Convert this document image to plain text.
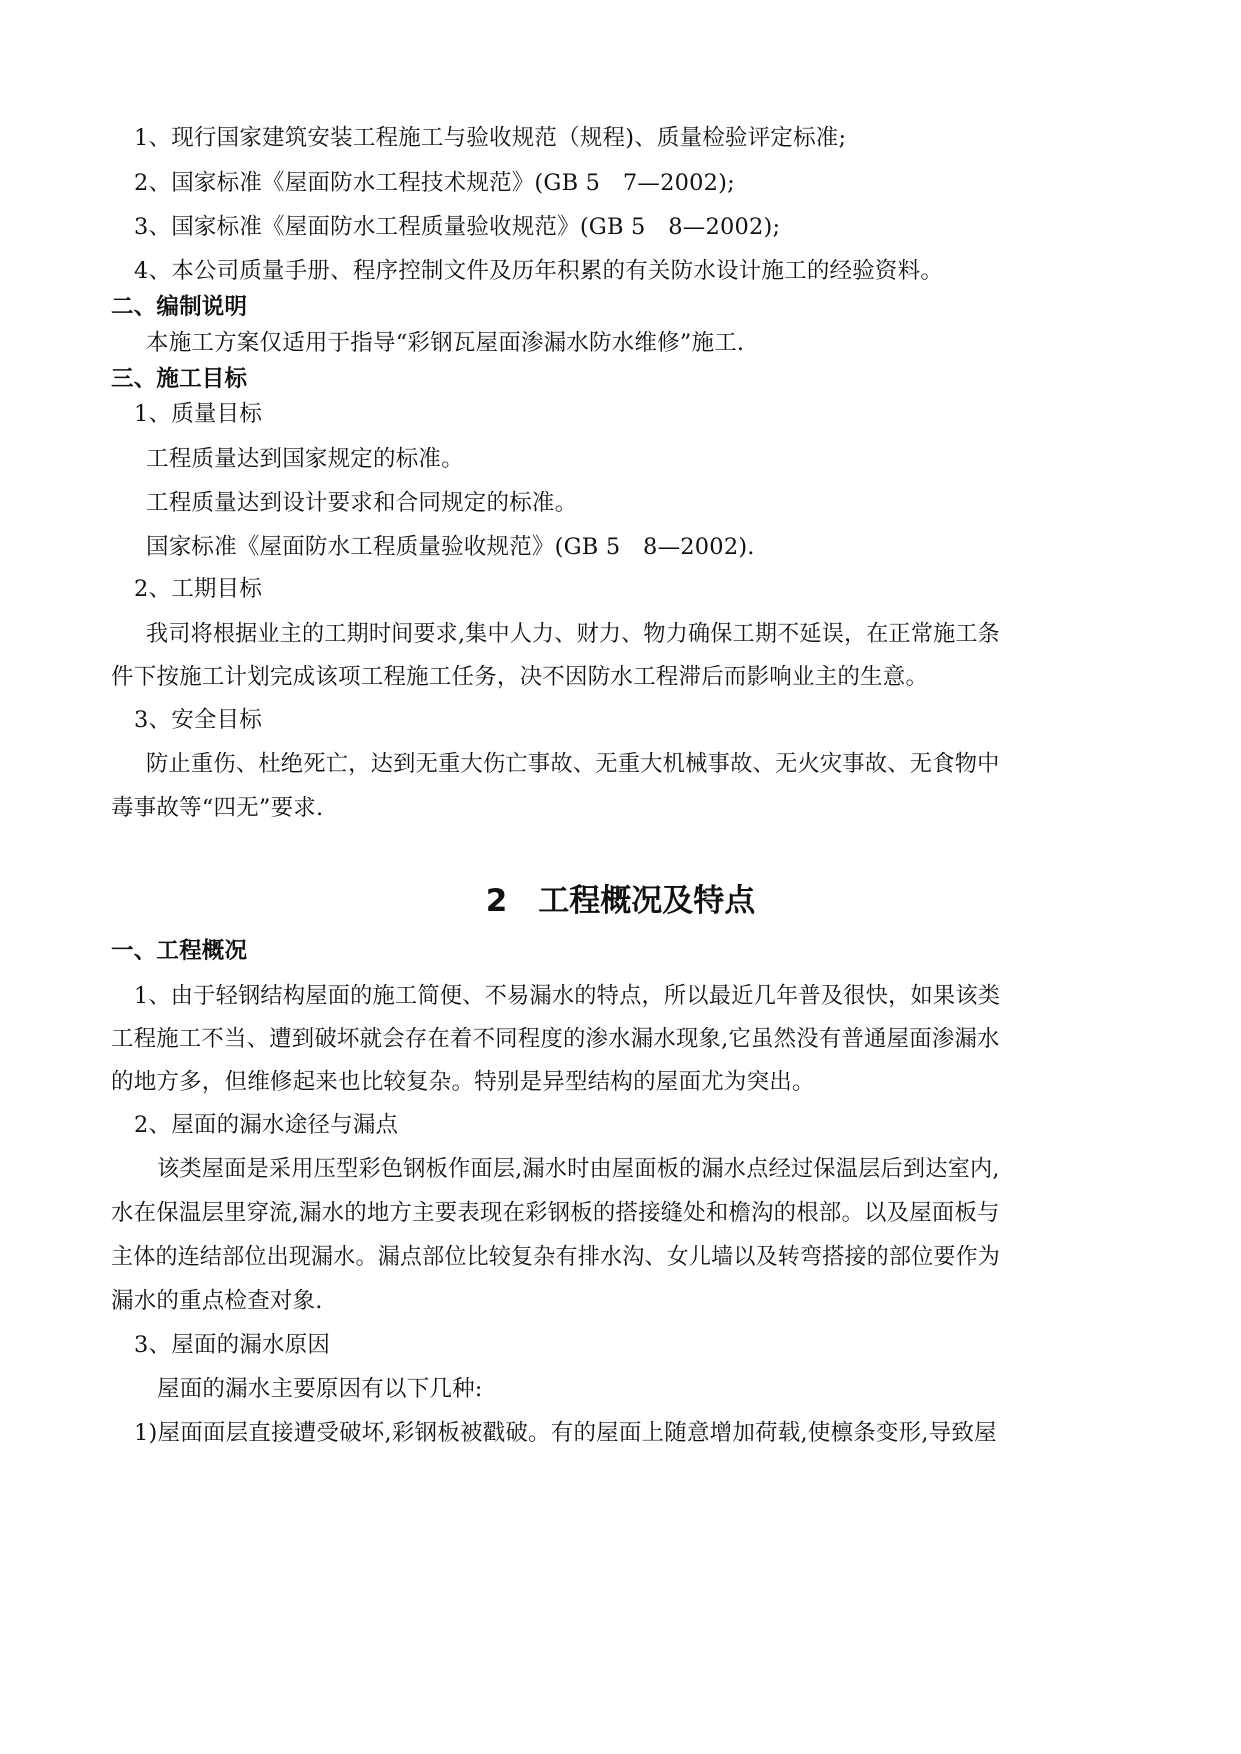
1、现行国家建筑安装工程施工与验收规范（规程)、质量检验评定标准;
2、国家标准《屋面防水工程技术规范》(GB 5　7—2002);
3、国家标准《屋面防水工程质量验收规范》(GB 5　8—2002);
4、本公司质量手册、程序控制文件及历年积累的有关防水设计施工的经验资料。
二、编制说明
本施工方案仅适用于指导“彩钢瓦屋面渗漏水防水维修”施工.
三、施工目标
1、质量目标
工程质量达到国家规定的标准。
工程质量达到设计要求和合同规定的标准。
国家标准《屋面防水工程质量验收规范》(GB 5　8—2002).
2、工期目标
我司将根据业主的工期时间要求,集中人力、财力、物力确保工期不延误，在正常施工条
件下按施工计划完成该项工程施工任务，决不因防水工程滞后而影响业主的生意。
3、安全目标
防止重伤、杜绝死亡，达到无重大伤亡事故、无重大机械事故、无火灾事故、无食物中
毒事故等“四无”要求.
2　工程概况及特点
一、工程概况
1、由于轻钢结构屋面的施工简便、不易漏水的特点，所以最近几年普及很快，如果该类
工程施工不当、遭到破坏就会存在着不同程度的渗水漏水现象,它虽然没有普通屋面渗漏水
的地方多，但维修起来也比较复杂。特别是异型结构的屋面尤为突出。
2、屋面的漏水途径与漏点
该类屋面是采用压型彩色钢板作面层,漏水时由屋面板的漏水点经过保温层后到达室内,
水在保温层里穿流,漏水的地方主要表现在彩钢板的搭接缝处和檐沟的根部。以及屋面板与
主体的连结部位出现漏水。漏点部位比较复杂有排水沟、女儿墙以及转弯搭接的部位要作为
漏水的重点检查对象.
3、屋面的漏水原因
屋面的漏水主要原因有以下几种:
1)屋面面层直接遭受破坏,彩钢板被戳破。有的屋面上随意增加荷载,使檩条变形,导致屋
